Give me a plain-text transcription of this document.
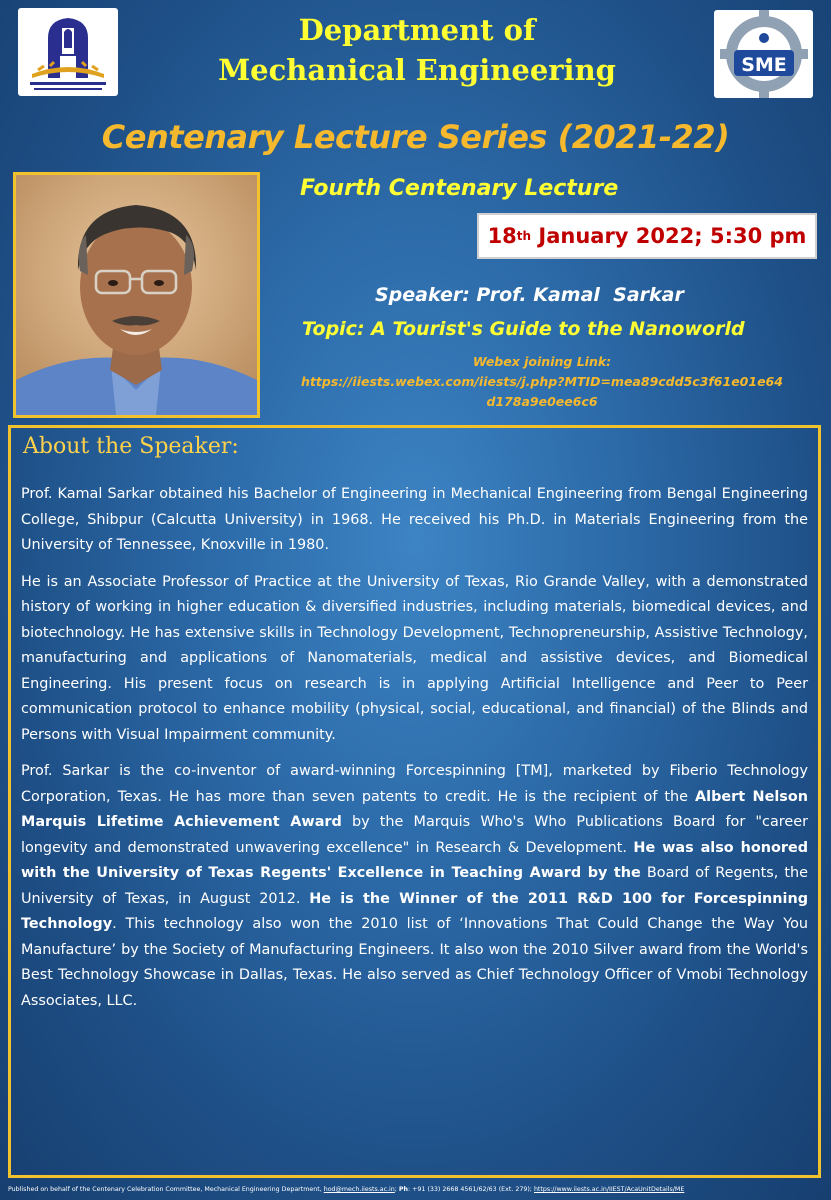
Department of
Mechanical Engineering	SME
Centenary Lecture Series (2021-22)
Fourth Centenary Lecture
18 th
January 2022; 5:30 pm
Speaker: Prof. Kamal  Sarkar
Topic: A Tourist's Guide to the Nanoworld
Webex joining Link:
https://iiests.webex.com/iiests/j.php?MTID=mea89cdd5c3f61e01e64
d178a9e0ee6c6
About the Speaker:

Prof. Kamal Sarkar obtained his Bachelor of Engineering in Mechanical Engineering from Bengal Engineering College, Shibpur (Calcutta University) in 1968. He received his Ph.D. in Materials Engineering from the University of Tennessee, Knoxville in 1980.

He is an Associate Professor of Practice at the University of Texas, Rio Grande Valley, with a demonstrated history of working in higher education & diversified industries, including materials, biomedical devices, and biotechnology. He has extensive skills in Technology Development, Technopreneurship, Assistive Technology, manufacturing and applications of Nanomaterials, medical and assistive devices, and Biomedical Engineering. His present focus on research is in applying Artificial Intelligence and Peer to Peer communication protocol to enhance mobility (physical, social, educational, and financial) of the Blinds and Persons with Visual Impairment community.

Prof. Sarkar is the co-inventor of award-winning Forcespinning [TM], marketed by Fiberio Technology Corporation, Texas. He has more than seven patents to credit. He is the recipient of the Albert Nelson Marquis Lifetime Achievement Award by the Marquis Who's Who Publications Board for "career longevity and demonstrated unwavering excellence" in Research & Development. He was also honored with the University of Texas Regents' Excellence in Teaching Award by the Board of Regents, the University of Texas, in August 2012. He is the Winner of the 2011 R&D 100 for Forcespinning Technology. This technology also won the 2010 list of ‘Innovations That Could Change the Way You Manufacture’ by the Society of Manufacturing Engineers. It also won the 2010 Silver award from the World's Best Technology Showcase in Dallas, Texas. He also served as Chief Technology Officer of Vmobi Technology Associates, LLC.

Published on behalf of the Centenary Celebration Committee, Mechanical Engineering Department, hod@mech.iiests.ac.in; Ph: +91 (33) 2668 4561/62/63 (Ext. 279); https://www.iiests.ac.in/IIEST/AcaUnitDetails/ME
